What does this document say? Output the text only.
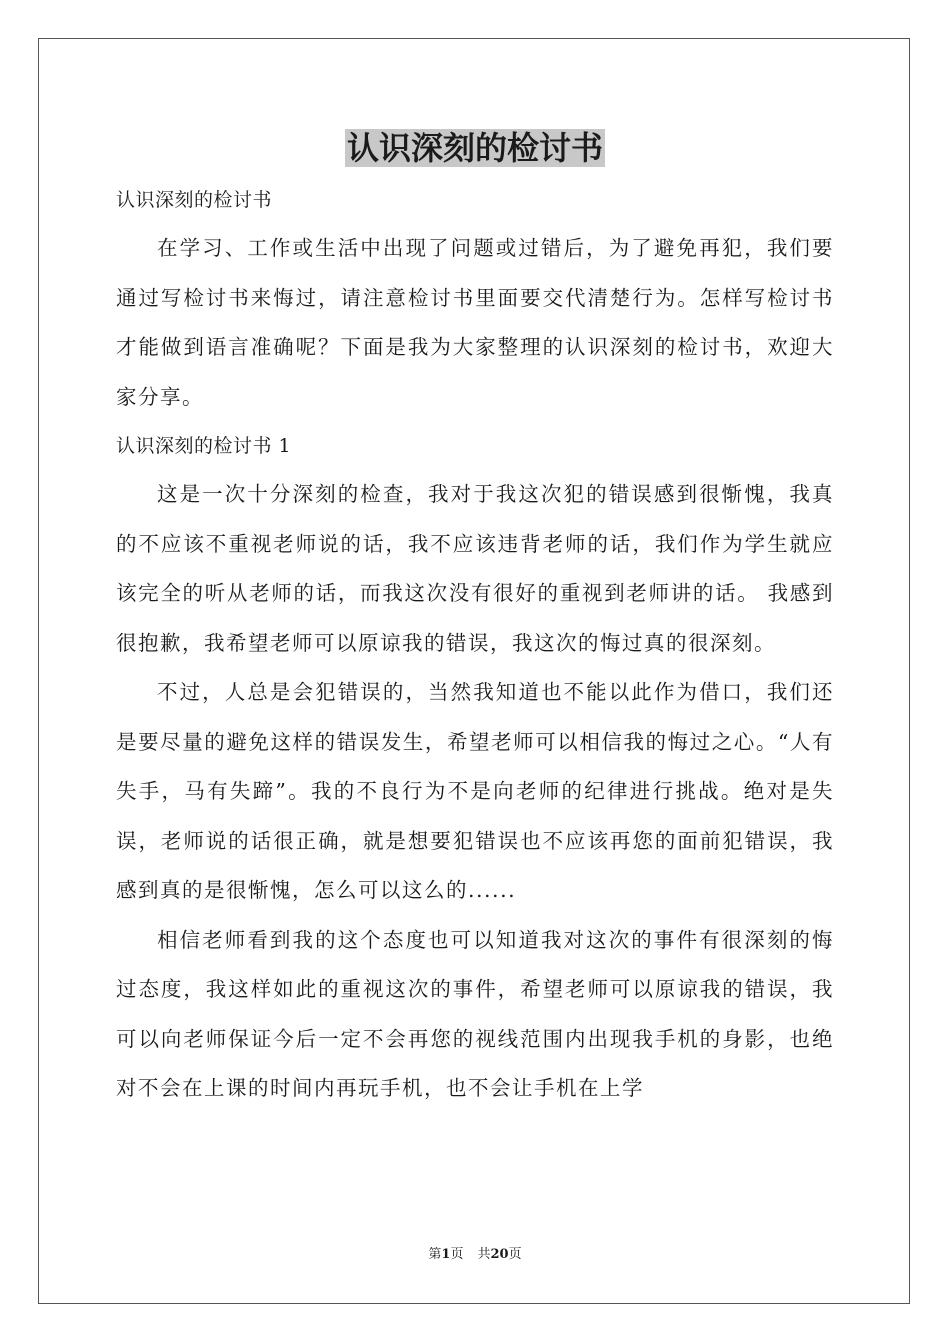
认识深刻的检讨书

认识深刻的检讨书

在学习、工作或生活中出现了问题或过错后，为了避免再犯，我们要通过写检讨书来悔过，请注意检讨书里面要交代清楚行为。怎样写检讨书才能做到语言准确呢？下面是我为大家整理的认识深刻的检讨书，欢迎大家分享。

认识深刻的检讨书 1

这是一次十分深刻的检查，我对于我这次犯的错误感到很惭愧，我真的不应该不重视老师说的话，我不应该违背老师的话，我们作为学生就应该完全的听从老师的话，而我这次没有很好的重视到老师讲的话。 我感到很抱歉，我希望老师可以原谅我的错误，我这次的悔过真的很深刻。

不过，人总是会犯错误的，当然我知道也不能以此作为借口，我们还是要尽量的避免这样的错误发生，希望老师可以相信我的悔过之心。“人有失手，马有失蹄”。我的不良行为不是向老师的纪律进行挑战。绝对是失误，老师说的话很正确，就是想要犯错误也不应该再您的面前犯错误，我感到真的是很惭愧，怎么可以这么的......

相信老师看到我的这个态度也可以知道我对这次的事件有很深刻的悔过态度，我这样如此的重视这次的事件，希望老师可以原谅我的错误，我可以向老师保证今后一定不会再您的视线范围内出现我手机的身影，也绝对不会在上课的时间内再玩手机，也不会让手机在上学

第1页 共20页
